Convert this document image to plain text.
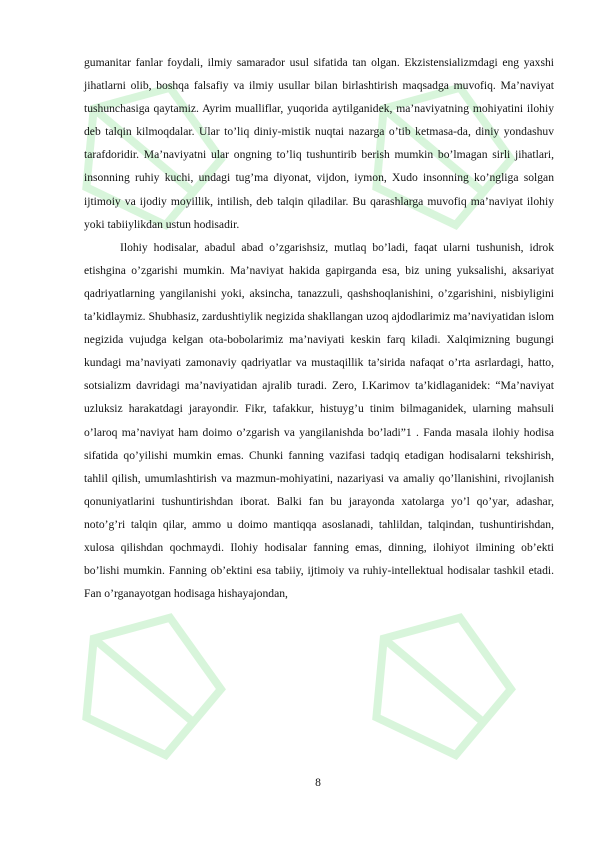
gumanitar fanlar foydali, ilmiy samarador usul sifatida tan olgan. Ekzistensializmdagi eng yaxshi jihatlarni olib, boshqa falsafiy va ilmiy usullar bilan birlashtirish maqsadga muvofiq. Ma’naviyat tushunchasiga qaytamiz. Ayrim mualliflar, yuqorida aytilganidek, ma’naviyatning mohiyatini ilohiy deb talqin kilmoqdalar. Ular to’liq diniy-mistik nuqtai nazarga o’tib ketmasa-da, diniy yondashuv tarafdoridir. Ma’naviyatni ular ongning to’liq tushuntirib berish mumkin bo’lmagan sirli jihatlari, insonning ruhiy kuchi, undagi tug’ma diyonat, vijdon, iymon, Xudo insonning ko’ngliga solgan ijtimoiy va ijodiy moyillik, intilish, deb talqin qiladilar. Bu qarashlarga muvofiq ma’naviyat ilohiy yoki tabiiylikdan ustun hodisadir.

Ilohiy hodisalar, abadul abad o’zgarishsiz, mutlaq bo’ladi, faqat ularni tushunish, idrok etishgina o’zgarishi mumkin. Ma’naviyat hakida gapirganda esa, biz uning yuksalishi, aksariyat qadriyatlarning yangilanishi yoki, aksincha, tanazzuli, qashshoqlanishini, o’zgarishini, nisbiyligini ta’kidlaymiz. Shubhasiz, zardushtiylik negizida shakllangan uzoq ajdodlarimiz ma’naviyatidan islom negizida vujudga kelgan ota-bobolarimiz ma’naviyati keskin farq kiladi. Xalqimizning bugungi kundagi ma’naviyati zamonaviy qadriyatlar va mustaqillik ta’sirida nafaqat o’rta asrlardagi, hatto, sotsializm davridagi ma’naviyatidan ajralib turadi. Zero, I.Karimov ta’kidlaganidek: “Ma’naviyat uzluksiz harakatdagi jarayondir. Fikr, tafakkur, histuyg’u tinim bilmaganidek, ularning mahsuli o’laroq ma’naviyat ham doimo o’zgarish va yangilanishda bo’ladi”1 . Fanda masala ilohiy hodisa sifatida qo’yilishi mumkin emas. Chunki fanning vazifasi tadqiq etadigan hodisalarni tekshirish, tahlil qilish, umumlashtirish va mazmun-mohiyatini, nazariyasi va amaliy qo’llanishini, rivojlanish qonuniyatlarini tushuntirishdan iborat. Balki fan bu jarayonda xatolarga yo’l qo’yar, adashar, noto’g’ri talqin qilar, ammo u doimo mantiqqa asoslanadi, tahlildan, talqindan, tushuntirishdan, xulosa qilishdan qochmaydi. Ilohiy hodisalar fanning emas, dinning, ilohiyot ilmining ob’ekti bo’lishi mumkin. Fanning ob’ektini esa tabiiy, ijtimoiy va ruhiy-intellektual hodisalar tashkil etadi. Fan o’rganayotgan hodisaga hishayajondan,

8
